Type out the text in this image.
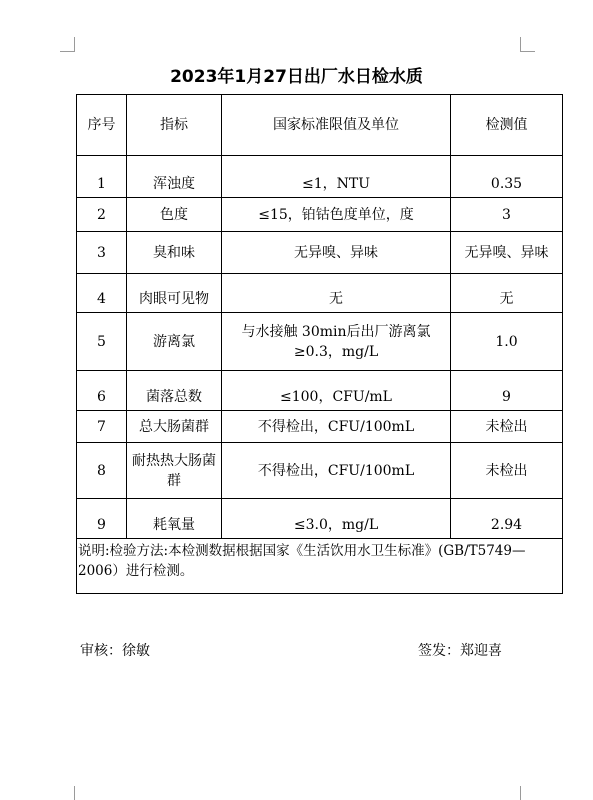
2023年1月27日出厂水日检水质
序号	指标	国家标准限值及单位	检测值
1	浑浊度	≤1，NTU	0.35
2	色度	≤15，铂钴色度单位，度	3
3	臭和味	无异嗅、异味	无异嗅、异味
4	肉眼可见物	无	无
5	游离氯	与水接触 30min后出厂游离氯≥0.3，mg/L	1.0
6	菌落总数	≤100，CFU/mL	9
7	总大肠菌群	不得检出，CFU/100mL	未检出
8	耐热热大肠菌群	不得检出，CFU/100mL	未检出
9	耗氧量	≤3.0，mg/L	2.94
说明:检验方法:本检测数据根据国家《生活饮用水卫生标准》(GB/T5749—2006）进行检测。			
审核：徐敏	签发：郑迎喜
